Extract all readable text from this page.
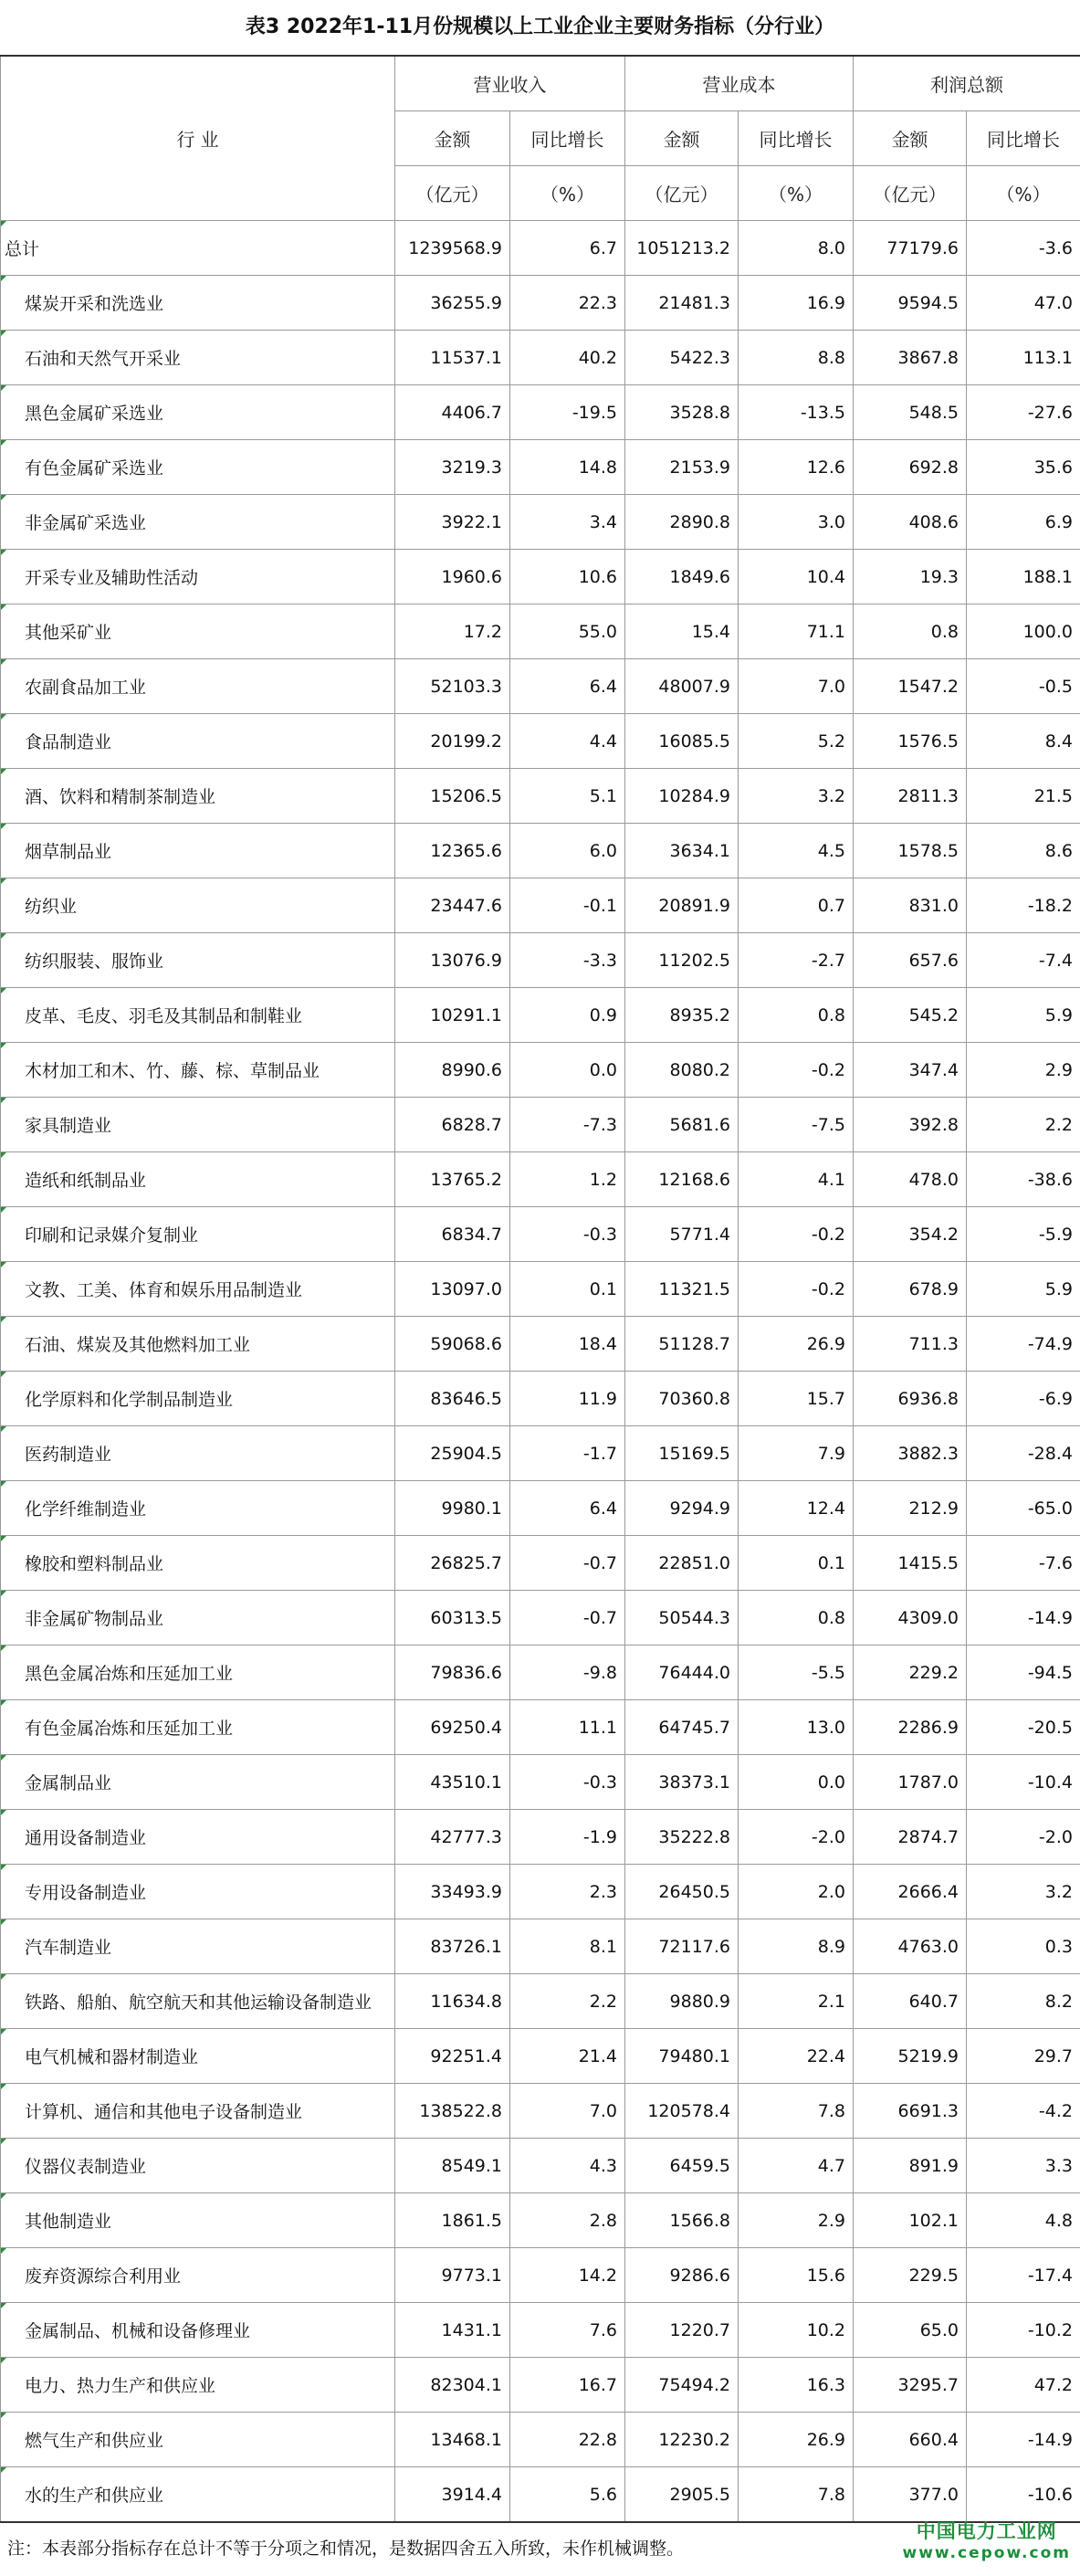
表3 2022年1-11月份规模以上工业企业主要财务指标（分行业）
行 业	营业收入		营业成本		利润总额	
	金额	同比增长	金额	同比增长	金额	同比增长
	（亿元）	（%）	（亿元）	（%）	（亿元）	（%）
总计	1239568.9	6.7	1051213.2	8.0	77179.6	-3.6
煤炭开采和洗选业	36255.9	22.3	21481.3	16.9	9594.5	47.0
石油和天然气开采业	11537.1	40.2	5422.3	8.8	3867.8	113.1
黑色金属矿采选业	4406.7	-19.5	3528.8	-13.5	548.5	-27.6
有色金属矿采选业	3219.3	14.8	2153.9	12.6	692.8	35.6
非金属矿采选业	3922.1	3.4	2890.8	3.0	408.6	6.9
开采专业及辅助性活动	1960.6	10.6	1849.6	10.4	19.3	188.1
其他采矿业	17.2	55.0	15.4	71.1	0.8	100.0
农副食品加工业	52103.3	6.4	48007.9	7.0	1547.2	-0.5
食品制造业	20199.2	4.4	16085.5	5.2	1576.5	8.4
酒、饮料和精制茶制造业	15206.5	5.1	10284.9	3.2	2811.3	21.5
烟草制品业	12365.6	6.0	3634.1	4.5	1578.5	8.6
纺织业	23447.6	-0.1	20891.9	0.7	831.0	-18.2
纺织服装、服饰业	13076.9	-3.3	11202.5	-2.7	657.6	-7.4
皮革、毛皮、羽毛及其制品和制鞋业	10291.1	0.9	8935.2	0.8	545.2	5.9
木材加工和木、竹、藤、棕、草制品业	8990.6	0.0	8080.2	-0.2	347.4	2.9
家具制造业	6828.7	-7.3	5681.6	-7.5	392.8	2.2
造纸和纸制品业	13765.2	1.2	12168.6	4.1	478.0	-38.6
印刷和记录媒介复制业	6834.7	-0.3	5771.4	-0.2	354.2	-5.9
文教、工美、体育和娱乐用品制造业	13097.0	0.1	11321.5	-0.2	678.9	5.9
石油、煤炭及其他燃料加工业	59068.6	18.4	51128.7	26.9	711.3	-74.9
化学原料和化学制品制造业	83646.5	11.9	70360.8	15.7	6936.8	-6.9
医药制造业	25904.5	-1.7	15169.5	7.9	3882.3	-28.4
化学纤维制造业	9980.1	6.4	9294.9	12.4	212.9	-65.0
橡胶和塑料制品业	26825.7	-0.7	22851.0	0.1	1415.5	-7.6
非金属矿物制品业	60313.5	-0.7	50544.3	0.8	4309.0	-14.9
黑色金属冶炼和压延加工业	79836.6	-9.8	76444.0	-5.5	229.2	-94.5
有色金属冶炼和压延加工业	69250.4	11.1	64745.7	13.0	2286.9	-20.5
金属制品业	43510.1	-0.3	38373.1	0.0	1787.0	-10.4
通用设备制造业	42777.3	-1.9	35222.8	-2.0	2874.7	-2.0
专用设备制造业	33493.9	2.3	26450.5	2.0	2666.4	3.2
汽车制造业	83726.1	8.1	72117.6	8.9	4763.0	0.3
铁路、船舶、航空航天和其他运输设备制造业	11634.8	2.2	9880.9	2.1	640.7	8.2
电气机械和器材制造业	92251.4	21.4	79480.1	22.4	5219.9	29.7
计算机、通信和其他电子设备制造业	138522.8	7.0	120578.4	7.8	6691.3	-4.2
仪器仪表制造业	8549.1	4.3	6459.5	4.7	891.9	3.3
其他制造业	1861.5	2.8	1566.8	2.9	102.1	4.8
废弃资源综合利用业	9773.1	14.2	9286.6	15.6	229.5	-17.4
金属制品、机械和设备修理业	1431.1	7.6	1220.7	10.2	65.0	-10.2
电力、热力生产和供应业	82304.1	16.7	75494.2	16.3	3295.7	47.2
燃气生产和供应业	13468.1	22.8	12230.2	26.9	660.4	-14.9
水的生产和供应业	3914.4	5.6	2905.5	7.8	377.0	-10.6
注：本表部分指标存在总计不等于分项之和情况，是数据四舍五入所致，未作机械调整。
中国电力工业网
www.cepow.com
